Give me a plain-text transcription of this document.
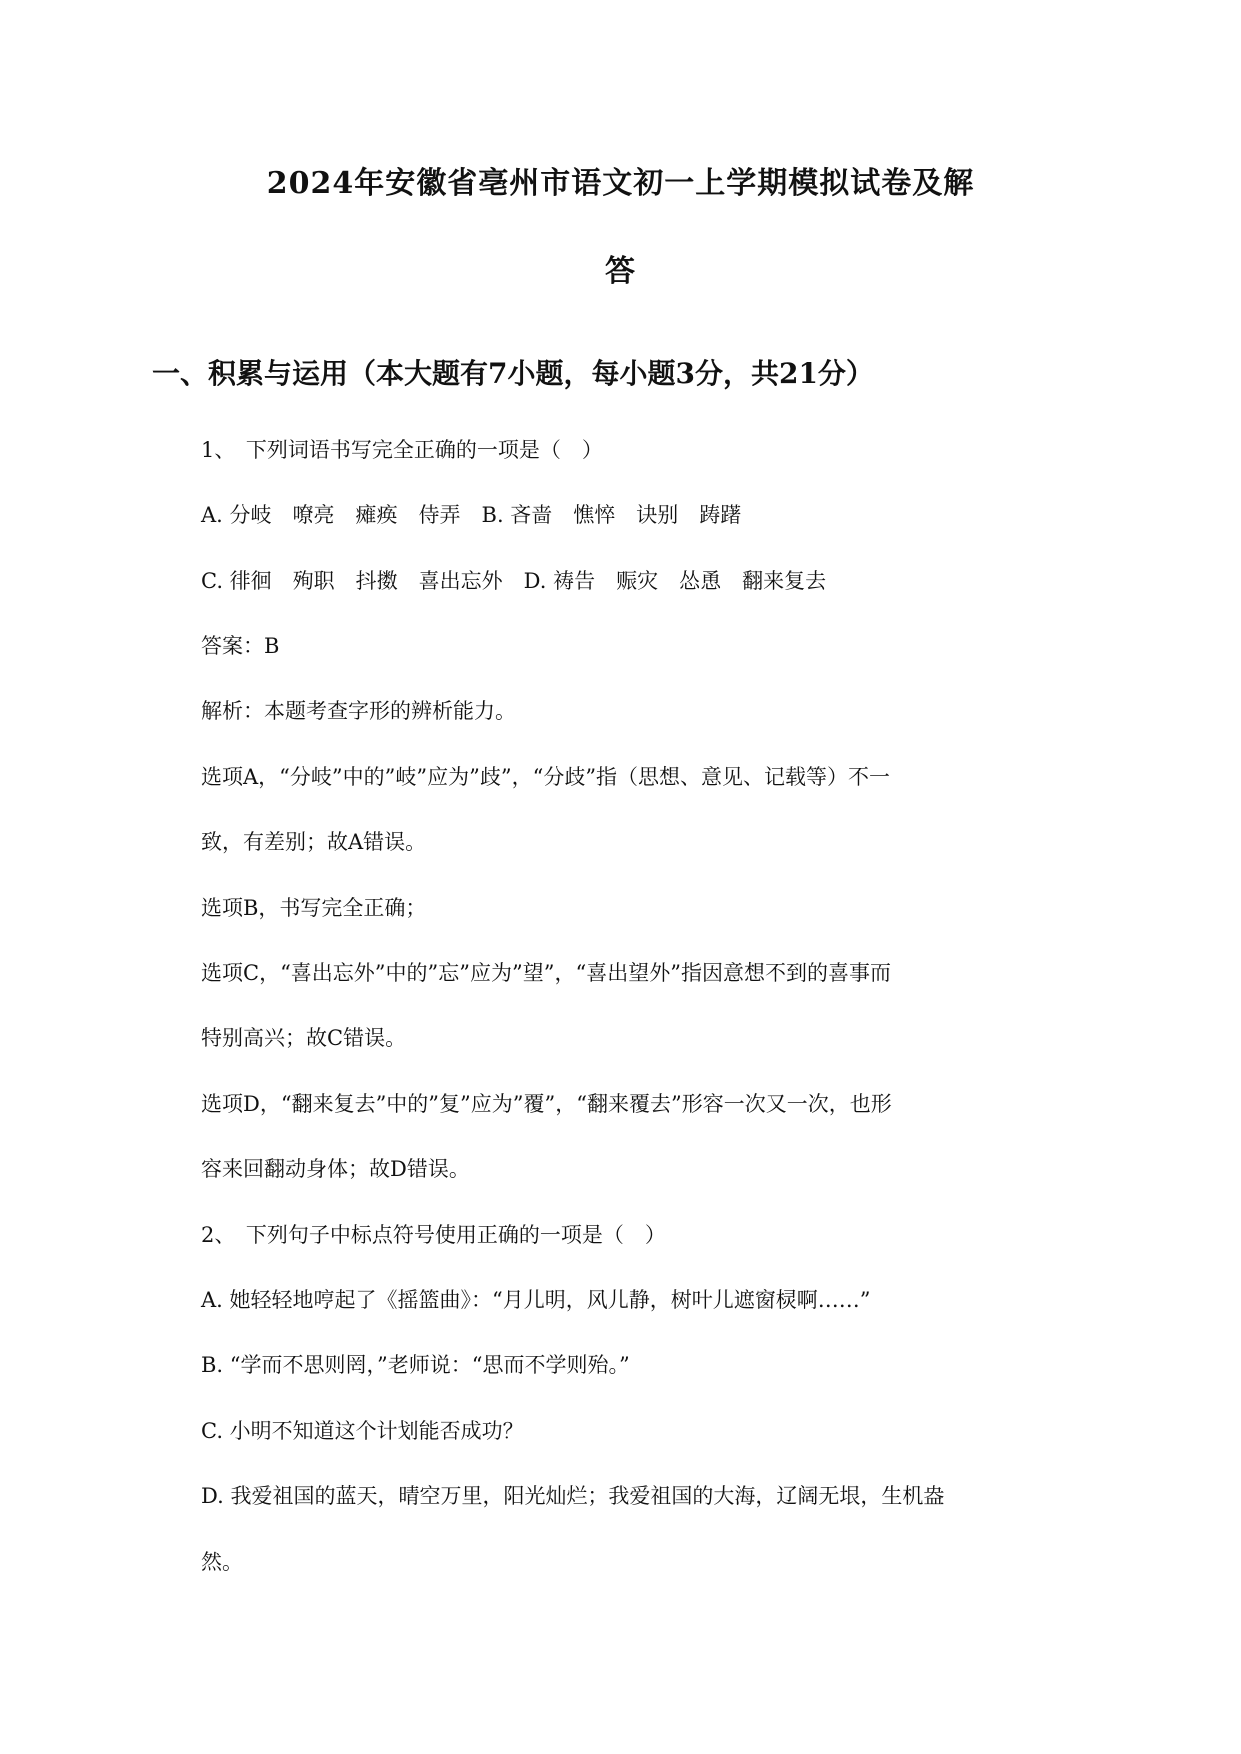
2024年安徽省亳州市语文初一上学期模拟试卷及解
答
一、积累与运用（本大题有7小题，每小题3分，共21分）
1、　下列词语书写完全正确的一项是（　）
A. 分岐　嘹亮　瘫痪　侍弄　B. 吝啬　憔悴　诀别　踌躇
C. 徘徊　殉职　抖擞　喜出忘外　D. 祷告　赈灾　怂恿　翻来复去
答案：B
解析：本题考查字形的辨析能力。
选项A，“分岐”中的”岐”应为”歧”，“分歧”指（思想、意见、记载等）不一
致，有差别；故A错误。
选项B，书写完全正确；
选项C，“喜出忘外”中的”忘”应为”望”，“喜出望外”指因意想不到的喜事而
特别高兴；故C错误。
选项D，“翻来复去”中的”复”应为”覆”，“翻来覆去”形容一次又一次，也形
容来回翻动身体；故D错误。
2、　下列句子中标点符号使用正确的一项是（　）
A. 她轻轻地哼起了《摇篮曲》：“月儿明，风儿静，树叶儿遮窗棂啊……”
B. “学而不思则罔，”老师说：“思而不学则殆。”
C. 小明不知道这个计划能否成功？
D. 我爱祖国的蓝天，晴空万里，阳光灿烂；我爱祖国的大海，辽阔无垠，生机盎
然。
